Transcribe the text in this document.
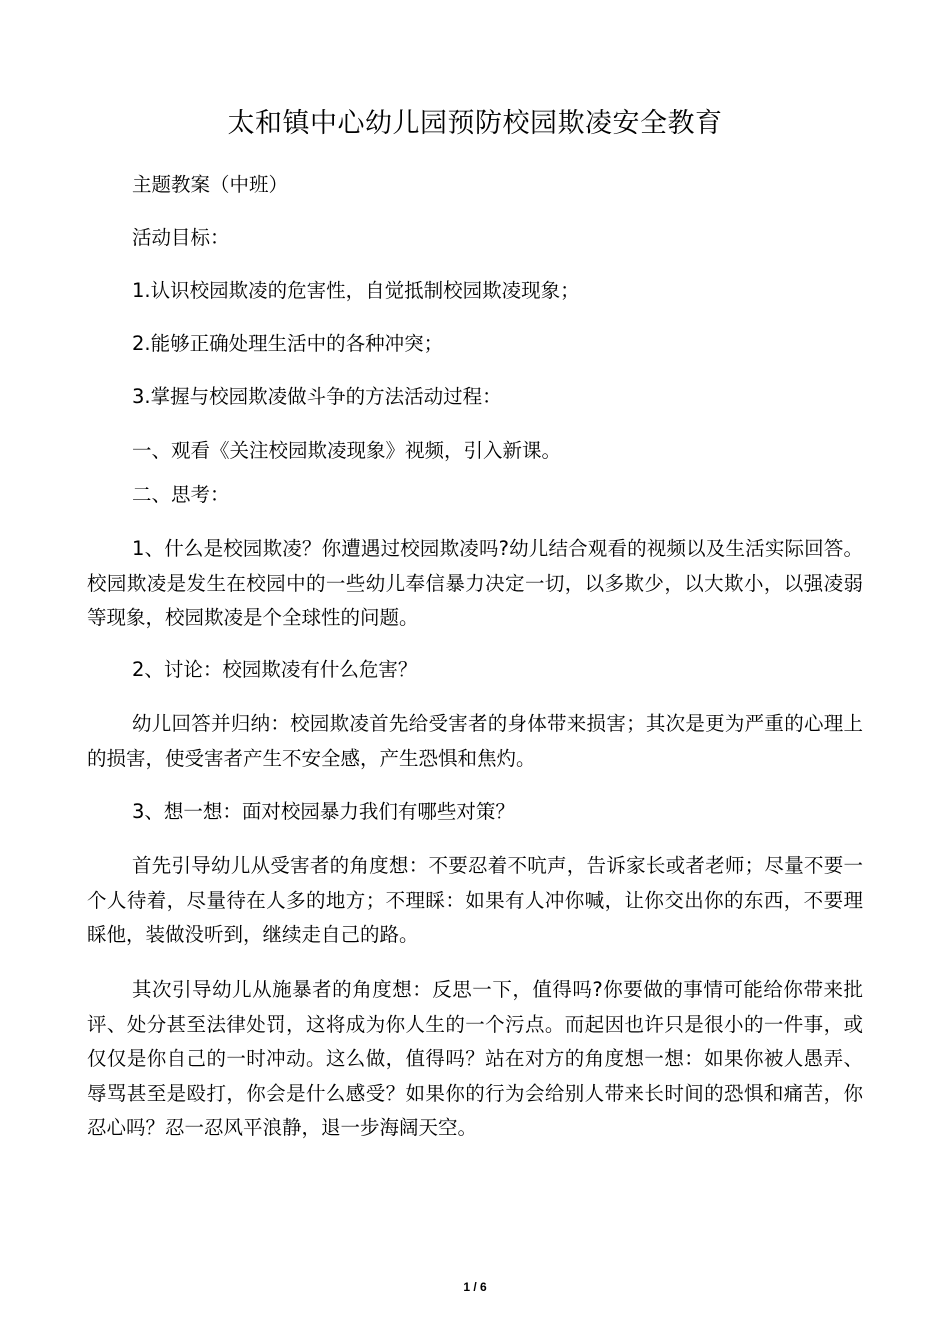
太和镇中心幼儿园预防校园欺凌安全教育
主题教案（中班）
活动目标：
1.认识校园欺凌的危害性，自觉抵制校园欺凌现象；
2.能够正确处理生活中的各种冲突；
3.掌握与校园欺凌做斗争的方法活动过程：
一、观看《关注校园欺凌现象》视频，引入新课。
二、思考：
1、什么是校园欺凌？你遭遇过校园欺凌吗?幼儿结合观看的视频以及生活实际回答。校园欺凌是发生在校园中的一些幼儿奉信暴力决定一切，以多欺少，以大欺小，以强凌弱等现象，校园欺凌是个全球性的问题。
2、讨论：校园欺凌有什么危害？
幼儿回答并归纳：校园欺凌首先给受害者的身体带来损害；其次是更为严重的心理上的损害，使受害者产生不安全感，产生恐惧和焦灼。
3、想一想：面对校园暴力我们有哪些对策？
首先引导幼儿从受害者的角度想：不要忍着不吭声，告诉家长或者老师；尽量不要一个人待着，尽量待在人多的地方；不理睬：如果有人冲你喊，让你交出你的东西，不要理睬他，装做没听到，继续走自己的路。
其次引导幼儿从施暴者的角度想：反思一下，值得吗?你要做的事情可能给你带来批评、处分甚至法律处罚，这将成为你人生的一个污点。而起因也许只是很小的一件事，或仅仅是你自己的一时冲动。这么做，值得吗？站在对方的角度想一想：如果你被人愚弄、辱骂甚至是殴打，你会是什么感受？如果你的行为会给别人带来长时间的恐惧和痛苦，你忍心吗？忍一忍风平浪静，退一步海阔天空。
1 / 6
